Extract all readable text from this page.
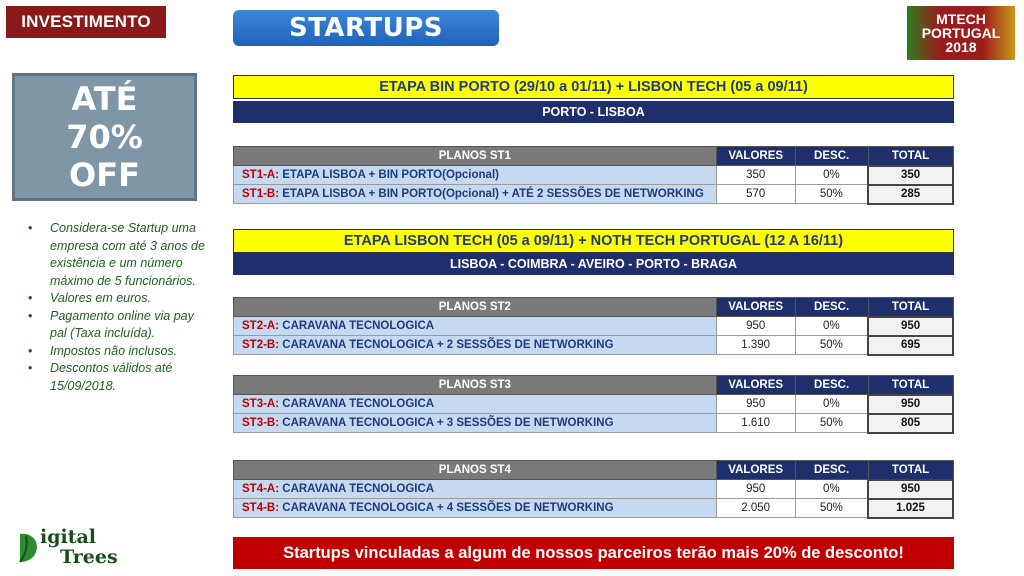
INVESTIMENTO	STARTUPS	MTECH
PORTUGAL
2018
ATÉ
70%
OFF
• Considera-se Startup uma empresa com até 3 anos de existência e um número máximo de 5 funcionários.
• Valores em euros.
• Pagamento online via pay pal (Taxa incluída).
• Impostos não inclusos.
• Descontos válidos até 15/09/2018.
igital
Trees
ETAPA BIN PORTO (29/10 a 01/11) + LISBON TECH (05 a 09/11)
PORTO - LISBOA
PLANOS ST1	VALORES	DESC.	TOTAL
ST1-A: ETAPA LISBOA + BIN PORTO(Opcional)	350	0%	350
ST1-B: ETAPA LISBOA + BIN PORTO(Opcional) + ATÉ 2 SESSÕES DE NETWORKING	570	50%	285
ETAPA LISBON TECH (05 a 09/11) + NOTH TECH PORTUGAL (12 A 16/11)
LISBOA - COIMBRA - AVEIRO - PORTO - BRAGA
PLANOS ST2	VALORES	DESC.	TOTAL
ST2-A: CARAVANA TECNOLOGICA	950	0%	950
ST2-B: CARAVANA TECNOLOGICA + 2 SESSÕES DE NETWORKING	1.390	50%	695
PLANOS ST3	VALORES	DESC.	TOTAL
ST3-A: CARAVANA TECNOLOGICA	950	0%	950
ST3-B: CARAVANA TECNOLOGICA + 3 SESSÕES DE NETWORKING	1.610	50%	805
PLANOS ST4	VALORES	DESC.	TOTAL
ST4-A: CARAVANA TECNOLOGICA	950	0%	950
ST4-B: CARAVANA TECNOLOGICA + 4 SESSÕES DE NETWORKING	2.050	50%	1.025
Startups vinculadas a algum de nossos parceiros terão mais 20% de desconto!
